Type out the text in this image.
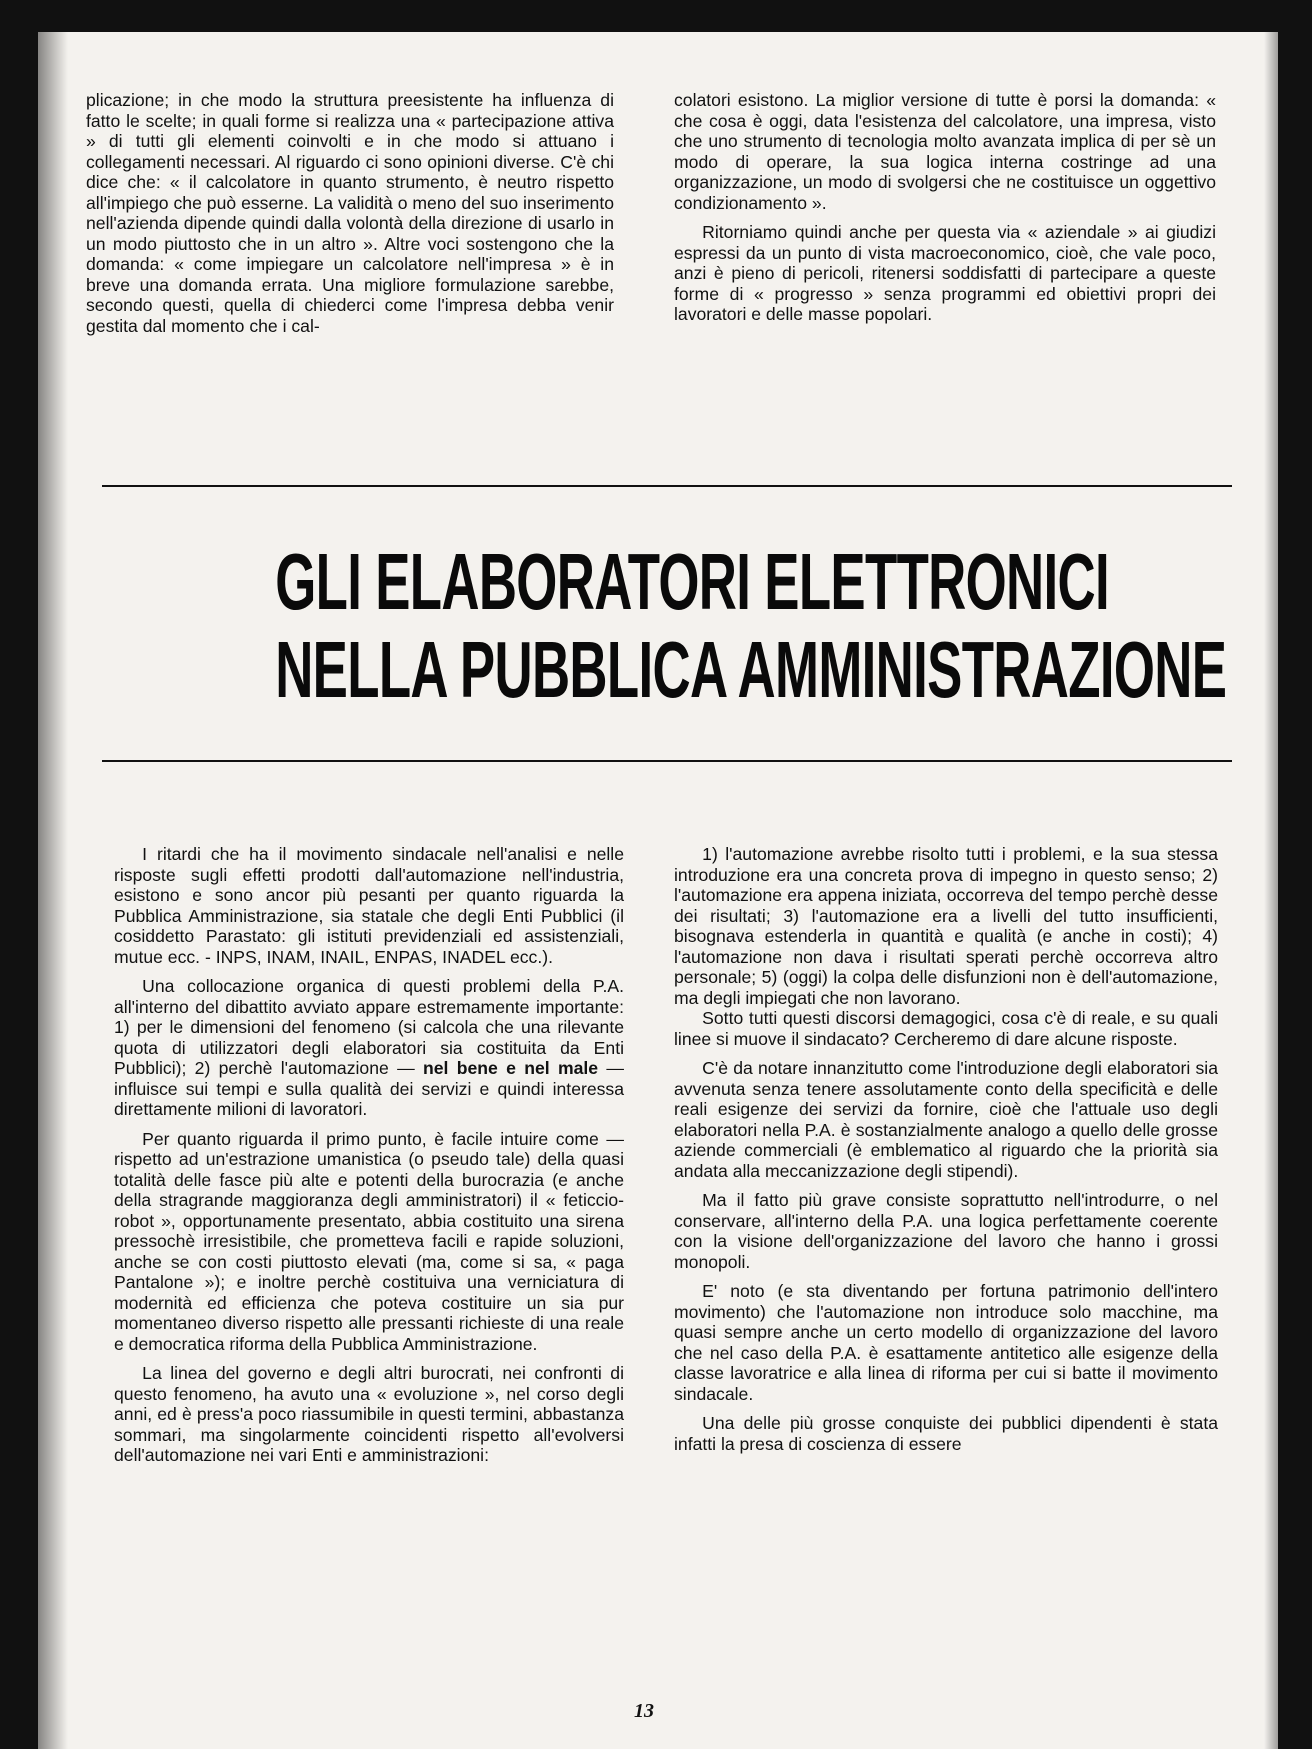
plicazione; in che modo la struttura preesistente ha influenza di fatto le scelte; in quali forme si realizza una « partecipazione attiva » di tutti gli elementi coinvolti e in che modo si attuano i collegamenti necessari. Al riguardo ci sono opinioni diverse. C'è chi dice che: « il calcolatore in quanto strumento, è neutro rispetto all'impiego che può esserne. La validità o meno del suo inserimento nell'azienda dipende quindi dalla volontà della direzione di usarlo in un modo piuttosto che in un altro ». Altre voci sostengono che la domanda: « come impiegare un calcolatore nell'impresa » è in breve una domanda errata. Una migliore formulazione sarebbe, secondo questi, quella di chiederci come l'impresa debba venir gestita dal momento che i cal-

colatori esistono. La miglior versione di tutte è porsi la domanda: « che cosa è oggi, data l'esistenza del calcolatore, una impresa, visto che uno strumento di tecnologia molto avanzata implica di per sè un modo di operare, la sua logica interna costringe ad una organizzazione, un modo di svolgersi che ne costituisce un oggettivo condizionamento ».

Ritorniamo quindi anche per questa via « aziendale » ai giudizi espressi da un punto di vista macroeconomico, cioè, che vale poco, anzi è pieno di pericoli, ritenersi soddisfatti di partecipare a queste forme di « progresso » senza programmi ed obiettivi propri dei lavoratori e delle masse popolari.

GLI ELABORATORI ELETTRONICI
NELLA PUBBLICA AMMINISTRAZIONE

I ritardi che ha il movimento sindacale nell'analisi e nelle risposte sugli effetti prodotti dall'automazione nell'industria, esistono e sono ancor più pesanti per quanto riguarda la Pubblica Amministrazione, sia statale che degli Enti Pubblici (il cosiddetto Parastato: gli istituti previdenziali ed assistenziali, mutue ecc. - INPS, INAM, INAIL, ENPAS, INADEL ecc.).

Una collocazione organica di questi problemi della P.A. all'interno del dibattito avviato appare estremamente importante: 1) per le dimensioni del fenomeno (si calcola che una rilevante quota di utilizzatori degli elaboratori sia costituita da Enti Pubblici); 2) perchè l'automazione — nel bene e nel male — influisce sui tempi e sulla qualità dei servizi e quindi interessa direttamente milioni di lavoratori.

Per quanto riguarda il primo punto, è facile intuire come — rispetto ad un'estrazione umanistica (o pseudo tale) della quasi totalità delle fasce più alte e potenti della burocrazia (e anche della stragrande maggioranza degli amministratori) il « feticcio-robot », opportunamente presentato, abbia costituito una sirena pressochè irresistibile, che prometteva facili e rapide soluzioni, anche se con costi piuttosto elevati (ma, come si sa, « paga Pantalone »); e inoltre perchè costituiva una verniciatura di modernità ed efficienza che poteva costituire un sia pur momentaneo diverso rispetto alle pressanti richieste di una reale e democratica riforma della Pubblica Amministrazione.

La linea del governo e degli altri burocrati, nei confronti di questo fenomeno, ha avuto una « evoluzione », nel corso degli anni, ed è press'a poco riassumibile in questi termini, abbastanza sommari, ma singolarmente coincidenti rispetto all'evolversi dell'automazione nei vari Enti e amministrazioni:

1) l'automazione avrebbe risolto tutti i problemi, e la sua stessa introduzione era una concreta prova di impegno in questo senso; 2) l'automazione era appena iniziata, occorreva del tempo perchè desse dei risultati; 3) l'automazione era a livelli del tutto insufficienti, bisognava estenderla in quantità e qualità (e anche in costi); 4) l'automazione non dava i risultati sperati perchè occorreva altro personale; 5) (oggi) la colpa delle disfunzioni non è dell'automazione, ma degli impiegati che non lavorano.

Sotto tutti questi discorsi demagogici, cosa c'è di reale, e su quali linee si muove il sindacato? Cercheremo di dare alcune risposte.

C'è da notare innanzitutto come l'introduzione degli elaboratori sia avvenuta senza tenere assolutamente conto della specificità e delle reali esigenze dei servizi da fornire, cioè che l'attuale uso degli elaboratori nella P.A. è sostanzialmente analogo a quello delle grosse aziende commerciali (è emblematico al riguardo che la priorità sia andata alla meccanizzazione degli stipendi).

Ma il fatto più grave consiste soprattutto nell'introdurre, o nel conservare, all'interno della P.A. una logica perfettamente coerente con la visione dell'organizzazione del lavoro che hanno i grossi monopoli.

E' noto (e sta diventando per fortuna patrimonio dell'intero movimento) che l'automazione non introduce solo macchine, ma quasi sempre anche un certo modello di organizzazione del lavoro che nel caso della P.A. è esattamente antitetico alle esigenze della classe lavoratrice e alla linea di riforma per cui si batte il movimento sindacale.

Una delle più grosse conquiste dei pubblici dipendenti è stata infatti la presa di coscienza di essere

13
